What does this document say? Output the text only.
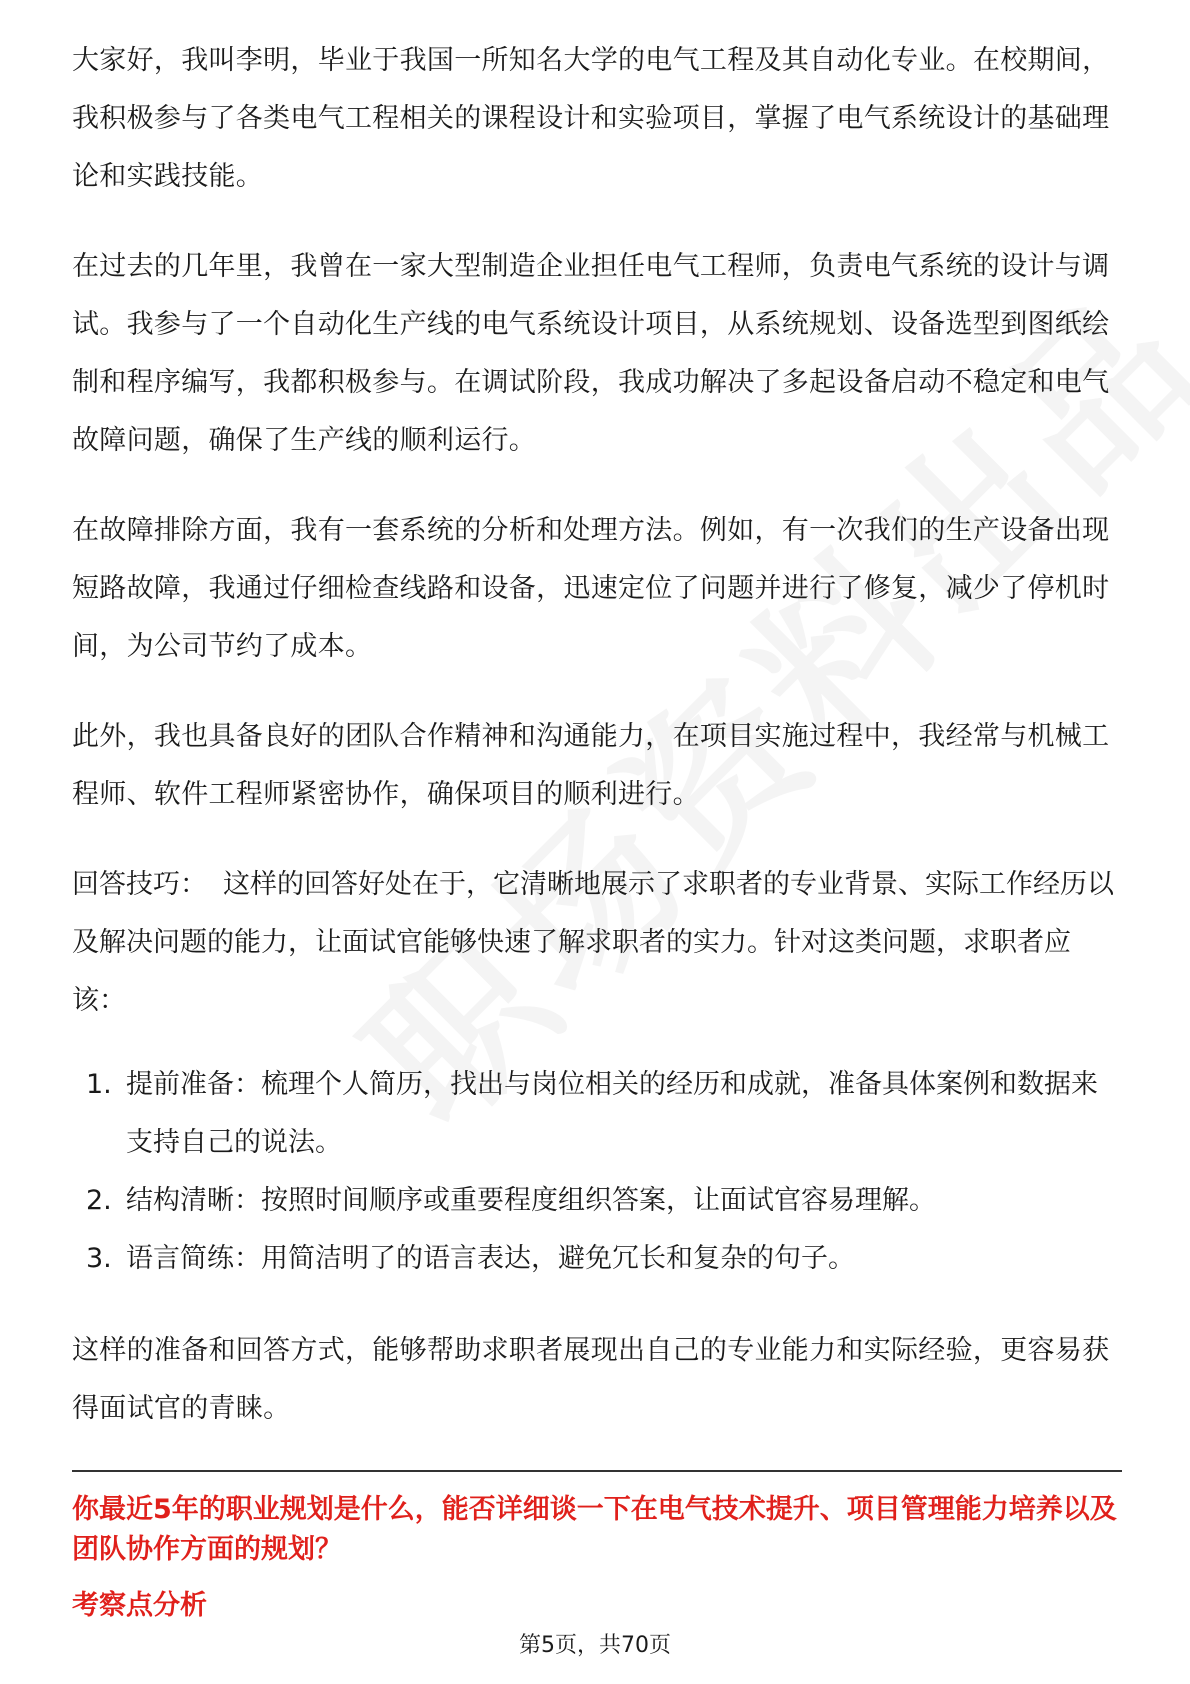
大家好，我叫李明，毕业于我国一所知名大学的电气工程及其自动化专业。在校期间，我积极参与了各类电气工程相关的课程设计和实验项目，掌握了电气系统设计的基础理论和实践技能。

在过去的几年里，我曾在一家大型制造企业担任电气工程师，负责电气系统的设计与调试。我参与了一个自动化生产线的电气系统设计项目，从系统规划、设备选型到图纸绘制和程序编写，我都积极参与。在调试阶段，我成功解决了多起设备启动不稳定和电气故障问题，确保了生产线的顺利运行。

在故障排除方面，我有一套系统的分析和处理方法。例如，有一次我们的生产设备出现短路故障，我通过仔细检查线路和设备，迅速定位了问题并进行了修复，减少了停机时间，为公司节约了成本。

此外，我也具备良好的团队合作精神和沟通能力，在项目实施过程中，我经常与机械工程师、软件工程师紧密协作，确保项目的顺利进行。

回答技巧： 这样的回答好处在于，它清晰地展示了求职者的专业背景、实际工作经历以及解决问题的能力，让面试官能够快速了解求职者的实力。针对这类问题，求职者应该：

1. 提前准备：梳理个人简历，找出与岗位相关的经历和成就，准备具体案例和数据来支持自己的说法。
2. 结构清晰：按照时间顺序或重要程度组织答案，让面试官容易理解。
3. 语言简练：用简洁明了的语言表达，避免冗长和复杂的句子。

这样的准备和回答方式，能够帮助求职者展现出自己的专业能力和实际经验，更容易获得面试官的青睐。

你最近5年的职业规划是什么，能否详细谈一下在电气技术提升、项目管理能力培养以及团队协作方面的规划？

考察点分析

第5页，共70页
